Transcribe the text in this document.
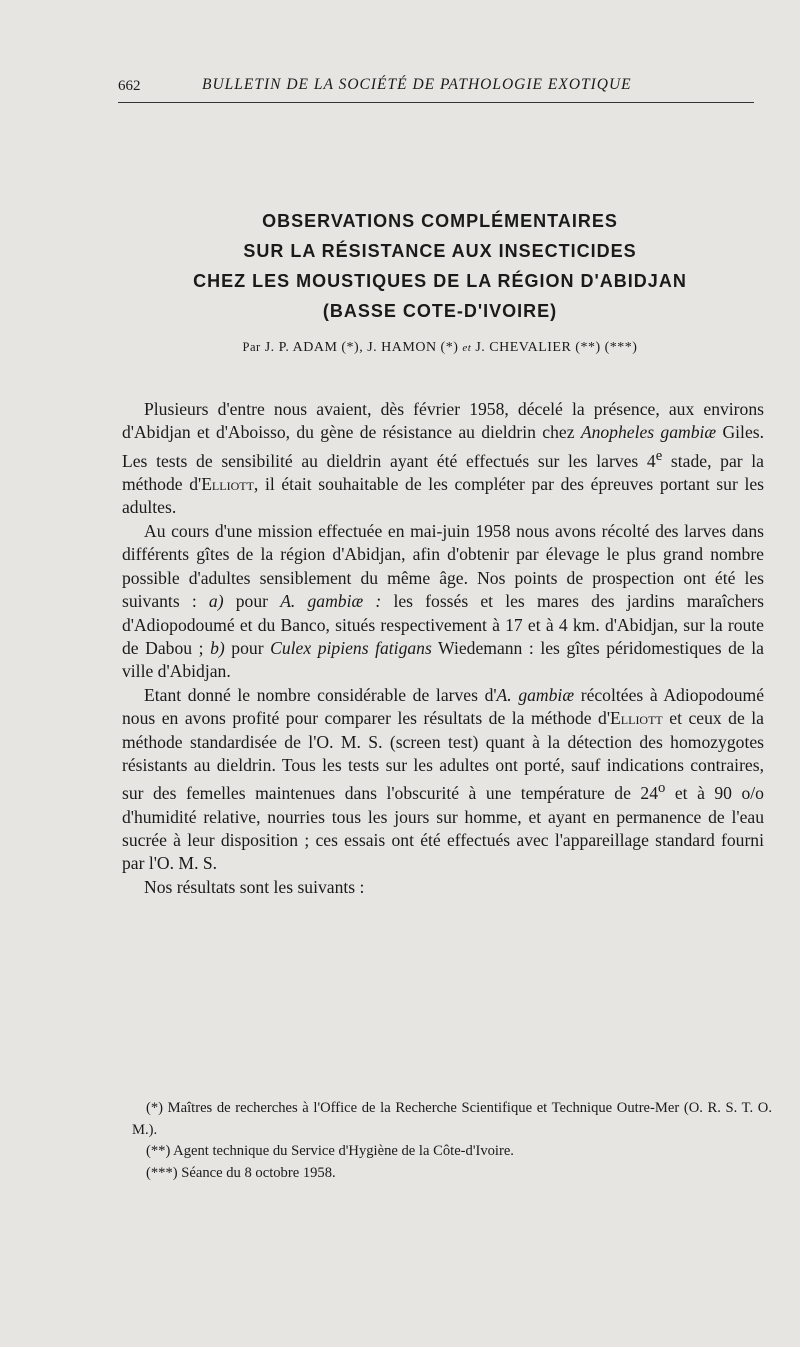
662	BULLETIN DE LA SOCIÉTÉ DE PATHOLOGIE EXOTIQUE
OBSERVATIONS COMPLÉMENTAIRES
SUR LA RÉSISTANCE AUX INSECTICIDES
CHEZ LES MOUSTIQUES DE LA RÉGION D'ABIDJAN
(BASSE COTE-D'IVOIRE)
Par J. P. ADAM (*), J. HAMON (*) et J. CHEVALIER (**) (***)

Plusieurs d'entre nous avaient, dès février 1958, décelé la présence, aux environs d'Abidjan et d'Aboisso, du gène de résistance au dieldrin chez Anopheles gambiæ Giles. Les tests de sensibilité au dieldrin ayant été effectués sur les larves 4e stade, par la méthode d'Elliott, il était souhaitable de les compléter par des épreuves portant sur les adultes.

Au cours d'une mission effectuée en mai-juin 1958 nous avons récolté des larves dans différents gîtes de la région d'Abidjan, afin d'obtenir par élevage le plus grand nombre possible d'adultes sensiblement du même âge. Nos points de prospection ont été les suivants : a) pour A. gambiæ : les fossés et les mares des jardins maraîchers d'Adiopodoumé et du Banco, situés respectivement à 17 et à 4 km. d'Abidjan, sur la route de Dabou ; b) pour Culex pipiens fatigans Wiedemann : les gîtes péridomestiques de la ville d'Abidjan.

Etant donné le nombre considérable de larves d'A. gambiæ récoltées à Adiopodoumé nous en avons profité pour comparer les résultats de la méthode d'Elliott et ceux de la méthode standardisée de l'O. M. S. (screen test) quant à la détection des homozygotes résistants au dieldrin. Tous les tests sur les adultes ont porté, sauf indications contraires, sur des femelles maintenues dans l'obscurité à une température de 24$^o$ et à 90 o/o d'humidité relative, nourries tous les jours sur homme, et ayant en permanence de l'eau sucrée à leur disposition ; ces essais ont été effectués avec l'appareillage standard fourni par l'O. M. S.

Nos résultats sont les suivants :

(*) Maîtres de recherches à l'Office de la Recherche Scientifique et Technique Outre-Mer (O. R. S. T. O. M.).

(**) Agent technique du Service d'Hygiène de la Côte-d'Ivoire.

(***) Séance du 8 octobre 1958.
